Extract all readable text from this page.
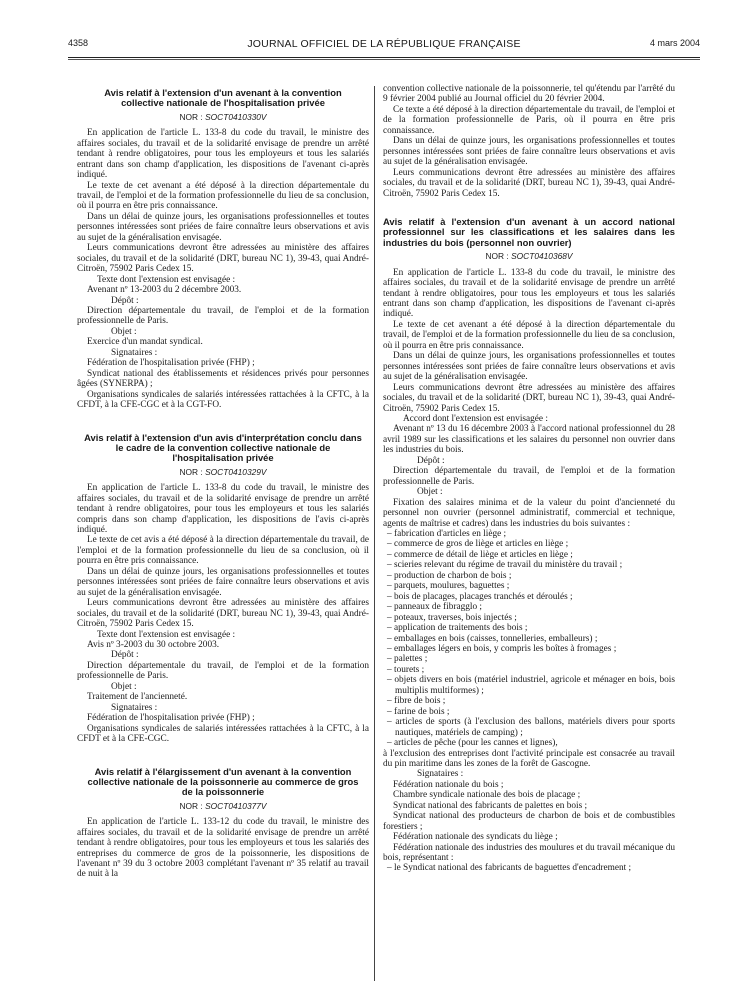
4358	JOURNAL OFFICIEL DE LA RÉPUBLIQUE FRANÇAISE	4 mars 2004
Avis relatif à l'extension d'un avenant à la convention collective nationale de l'hospitalisation privée
NOR : SOCT0410330V

En application de l'article L. 133-8 du code du travail, le ministre des affaires sociales, du travail et de la solidarité envisage de prendre un arrêté tendant à rendre obligatoires, pour tous les employeurs et tous les salariés entrant dans son champ d'application, les dispositions de l'avenant ci-après indiqué.

Le texte de cet avenant a été déposé à la direction départementale du travail, de l'emploi et de la formation professionnelle du lieu de sa conclusion, où il pourra en être pris connaissance.

Dans un délai de quinze jours, les organisations professionnelles et toutes personnes intéressées sont priées de faire connaître leurs observations et avis au sujet de la généralisation envisagée.

Leurs communications devront être adressées au ministère des affaires sociales, du travail et de la solidarité (DRT, bureau NC 1), 39-43, quai André-Citroën, 75902 Paris Cedex 15.

Texte dont l'extension est envisagée :

Avenant nº 13-2003 du 2 décembre 2003.

Dépôt :

Direction départementale du travail, de l'emploi et de la formation professionnelle de Paris.

Objet :

Exercice d'un mandat syndical.

Signataires :

Fédération de l'hospitalisation privée (FHP) ;

Syndicat national des établissements et résidences privés pour personnes âgées (SYNERPA) ;

Organisations syndicales de salariés intéressées rattachées à la CFTC, à la CFDT, à la CFE-CGC et à la CGT-FO.

Avis relatif à l'extension d'un avis d'interprétation conclu dans le cadre de la convention collective nationale de l'hospitalisation privée
NOR : SOCT0410329V

En application de l'article L. 133-8 du code du travail, le ministre des affaires sociales, du travail et de la solidarité envisage de prendre un arrêté tendant à rendre obligatoires, pour tous les employeurs et tous les salariés compris dans son champ d'application, les dispositions de l'avis ci-après indiqué.

Le texte de cet avis a été déposé à la direction départementale du travail, de l'emploi et de la formation professionnelle du lieu de sa conclusion, où il pourra en être pris connaissance.

Dans un délai de quinze jours, les organisations professionnelles et toutes personnes intéressées sont priées de faire connaître leurs observations et avis au sujet de la généralisation envisagée.

Leurs communications devront être adressées au ministère des affaires sociales, du travail et de la solidarité (DRT, bureau NC 1), 39-43, quai André-Citroën, 75902 Paris Cedex 15.

Texte dont l'extension est envisagée :

Avis nº 3-2003 du 30 octobre 2003.

Dépôt :

Direction départementale du travail, de l'emploi et de la formation professionnelle de Paris.

Objet :

Traitement de l'ancienneté.

Signataires :

Fédération de l'hospitalisation privée (FHP) ;

Organisations syndicales de salariés intéressées rattachées à la CFTC, à la CFDT et à la CFE-CGC.

Avis relatif à l'élargissement d'un avenant à la convention collective nationale de la poissonnerie au commerce de gros de la poissonnerie
NOR : SOCT0410377V

En application de l'article L. 133-12 du code du travail, le ministre des affaires sociales, du travail et de la solidarité envisage de prendre un arrêté tendant à rendre obligatoires, pour tous les employeurs et tous les salariés des entreprises du commerce de gros de la poissonnerie, les dispositions de l'avenant nº 39 du 3 octobre 2003 complétant l'avenant nº 35 relatif au travail de nuit à la

convention collective nationale de la poissonnerie, tel qu'étendu par l'arrêté du 9 février 2004 publié au Journal officiel du 20 février 2004.

Ce texte a été déposé à la direction départementale du travail, de l'emploi et de la formation professionnelle de Paris, où il pourra en être pris connaissance.

Dans un délai de quinze jours, les organisations professionnelles et toutes personnes intéressées sont priées de faire connaître leurs observations et avis au sujet de la généralisation envisagée.

Leurs communications devront être adressées au ministère des affaires sociales, du travail et de la solidarité (DRT, bureau NC 1), 39-43, quai André-Citroën, 75902 Paris Cedex 15.

Avis relatif à l'extension d'un avenant à un accord national professionnel sur les classifications et les salaires dans les industries du bois (personnel non ouvrier)
NOR : SOCT0410368V

En application de l'article L. 133-8 du code du travail, le ministre des affaires sociales, du travail et de la solidarité envisage de prendre un arrêté tendant à rendre obligatoires, pour tous les employeurs et tous les salariés entrant dans son champ d'application, les dispositions de l'avenant ci-après indiqué.

Le texte de cet avenant a été déposé à la direction départementale du travail, de l'emploi et de la formation professionnelle du lieu de sa conclusion, où il pourra en être pris connaissance.

Dans un délai de quinze jours, les organisations professionnelles et toutes personnes intéressées sont priées de faire connaître leurs observations et avis au sujet de la généralisation envisagée.

Leurs communications devront être adressées au ministère des affaires sociales, du travail et de la solidarité (DRT, bureau NC 1), 39-43, quai André-Citroën, 75902 Paris Cedex 15.

Accord dont l'extension est envisagée :

Avenant nº 13 du 16 décembre 2003 à l'accord national professionnel du 28 avril 1989 sur les classifications et les salaires du personnel non ouvrier dans les industries du bois.

Dépôt :

Direction départementale du travail, de l'emploi et de la formation professionnelle de Paris.

Objet :

Fixation des salaires minima et de la valeur du point d'ancienneté du personnel non ouvrier (personnel administratif, commercial et technique, agents de maîtrise et cadres) dans les industries du bois suivantes :

– fabrication d'articles en liège ;
– commerce de gros de liège et articles en liège ;
– commerce de détail de liège et articles en liège ;
– scieries relevant du régime de travail du ministère du travail ;
– production de charbon de bois ;
– parquets, moulures, baguettes ;
– bois de placages, placages tranchés et déroulés ;
– panneaux de fibragglo ;
– poteaux, traverses, bois injectés ;
– application de traitements des bois ;
– emballages en bois (caisses, tonnelleries, emballeurs) ;
– emballages légers en bois, y compris les boîtes à fromages ;
– palettes ;
– tourets ;
– objets divers en bois (matériel industriel, agricole et ménager en bois, bois multiplis multiformes) ;
– fibre de bois ;
– farine de bois ;
– articles de sports (à l'exclusion des ballons, matériels divers pour sports nautiques, matériels de camping) ;
– articles de pêche (pour les cannes et lignes),

à l'exclusion des entreprises dont l'activité principale est consacrée au travail du pin maritime dans les zones de la forêt de Gascogne.

Signataires :

Fédération nationale du bois ;

Chambre syndicale nationale des bois de placage ;

Syndicat national des fabricants de palettes en bois ;

Syndicat national des producteurs de charbon de bois et de combustibles forestiers ;

Fédération nationale des syndicats du liège ;

Fédération nationale des industries des moulures et du travail mécanique du bois, représentant :

– le Syndicat national des fabricants de baguettes d'encadrement ;
